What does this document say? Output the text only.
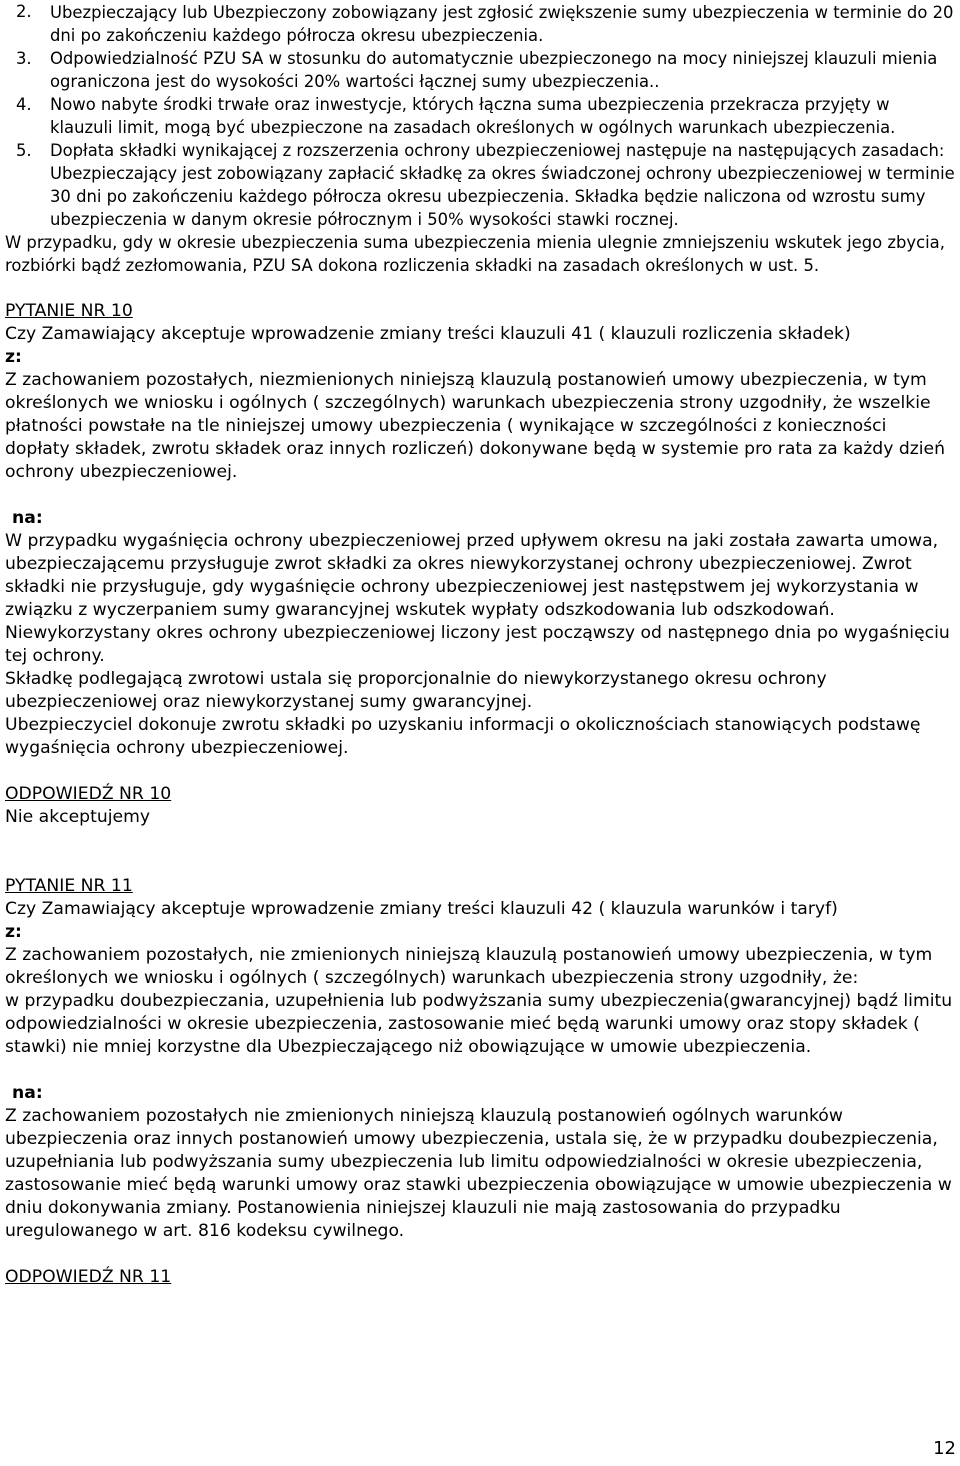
2. Ubezpieczający lub Ubezpieczony zobowiązany jest zgłosić zwiększenie sumy ubezpieczenia w terminie do 20 dni po zakończeniu każdego półrocza okresu ubezpieczenia.
3. Odpowiedzialność PZU SA w stosunku do automatycznie ubezpieczonego na mocy niniejszej klauzuli mienia ograniczona jest do wysokości 20% wartości łącznej sumy ubezpieczenia..
4. Nowo nabyte środki trwałe oraz inwestycje, których łączna suma ubezpieczenia przekracza przyjęty w klauzuli limit, mogą być ubezpieczone na zasadach określonych w ogólnych warunkach ubezpieczenia.
5. Dopłata składki wynikającej z rozszerzenia ochrony ubezpieczeniowej następuje na następujących zasadach: Ubezpieczający jest zobowiązany zapłacić składkę za okres świadczonej ochrony ubezpieczeniowej w terminie 30 dni po zakończeniu każdego półrocza okresu ubezpieczenia. Składka będzie naliczona od wzrostu sumy ubezpieczenia w danym okresie półrocznym i 50% wysokości stawki rocznej.

W przypadku, gdy w okresie ubezpieczenia suma ubezpieczenia mienia ulegnie zmniejszeniu wskutek jego zbycia, rozbiórki bądź zezłomowania, PZU SA dokona rozliczenia składki na zasadach określonych w ust. 5.

PYTANIE NR 10

Czy Zamawiający akceptuje wprowadzenie zmiany treści klauzuli 41 ( klauzuli rozliczenia składek)

z:

Z zachowaniem pozostałych, niezmienionych niniejszą klauzulą postanowień umowy ubezpieczenia, w tym określonych we wniosku i ogólnych ( szczególnych) warunkach ubezpieczenia strony uzgodniły, że wszelkie płatności powstałe na tle niniejszej umowy ubezpieczenia ( wynikające w szczególności z konieczności dopłaty składek, zwrotu składek oraz innych rozliczeń) dokonywane będą w systemie pro rata za każdy dzień ochrony ubezpieczeniowej.

na:

W przypadku wygaśnięcia ochrony ubezpieczeniowej przed upływem okresu na jaki została zawarta umowa, ubezpieczającemu przysługuje zwrot składki za okres niewykorzystanej ochrony ubezpieczeniowej. Zwrot składki nie przysługuje, gdy wygaśnięcie ochrony ubezpieczeniowej jest następstwem jej wykorzystania w związku z wyczerpaniem sumy gwarancyjnej wskutek wypłaty odszkodowania lub odszkodowań.

Niewykorzystany okres ochrony ubezpieczeniowej liczony jest począwszy od następnego dnia po wygaśnięciu tej ochrony.

Składkę podlegającą zwrotowi ustala się proporcjonalnie do niewykorzystanego okresu ochrony ubezpieczeniowej oraz niewykorzystanej sumy gwarancyjnej.

Ubezpieczyciel dokonuje zwrotu składki po uzyskaniu informacji o okolicznościach stanowiących podstawę wygaśnięcia ochrony ubezpieczeniowej.

ODPOWIEDŹ NR 10

Nie akceptujemy

PYTANIE NR 11

Czy Zamawiający akceptuje wprowadzenie zmiany treści klauzuli 42 ( klauzula warunków i taryf)

z:

Z zachowaniem pozostałych, nie zmienionych niniejszą klauzulą postanowień umowy ubezpieczenia, w tym określonych we wniosku i ogólnych ( szczególnych) warunkach ubezpieczenia strony uzgodniły, że:

w przypadku doubezpieczania, uzupełnienia lub podwyższania sumy ubezpieczenia(gwarancyjnej) bądź limitu odpowiedzialności w okresie ubezpieczenia, zastosowanie mieć będą warunki umowy oraz stopy składek ( stawki) nie mniej korzystne dla Ubezpieczającego niż obowiązujące w umowie ubezpieczenia.

na:

Z zachowaniem pozostałych nie zmienionych niniejszą klauzulą postanowień ogólnych warunków ubezpieczenia oraz innych postanowień umowy ubezpieczenia, ustala się, że w przypadku doubezpieczenia, uzupełniania lub podwyższania sumy ubezpieczenia lub limitu odpowiedzialności w okresie ubezpieczenia, zastosowanie mieć będą warunki umowy oraz stawki ubezpieczenia obowiązujące w umowie ubezpieczenia w dniu dokonywania zmiany. Postanowienia niniejszej klauzuli nie mają zastosowania do przypadku uregulowanego w art. 816 kodeksu cywilnego.

ODPOWIEDŹ NR 11

12
